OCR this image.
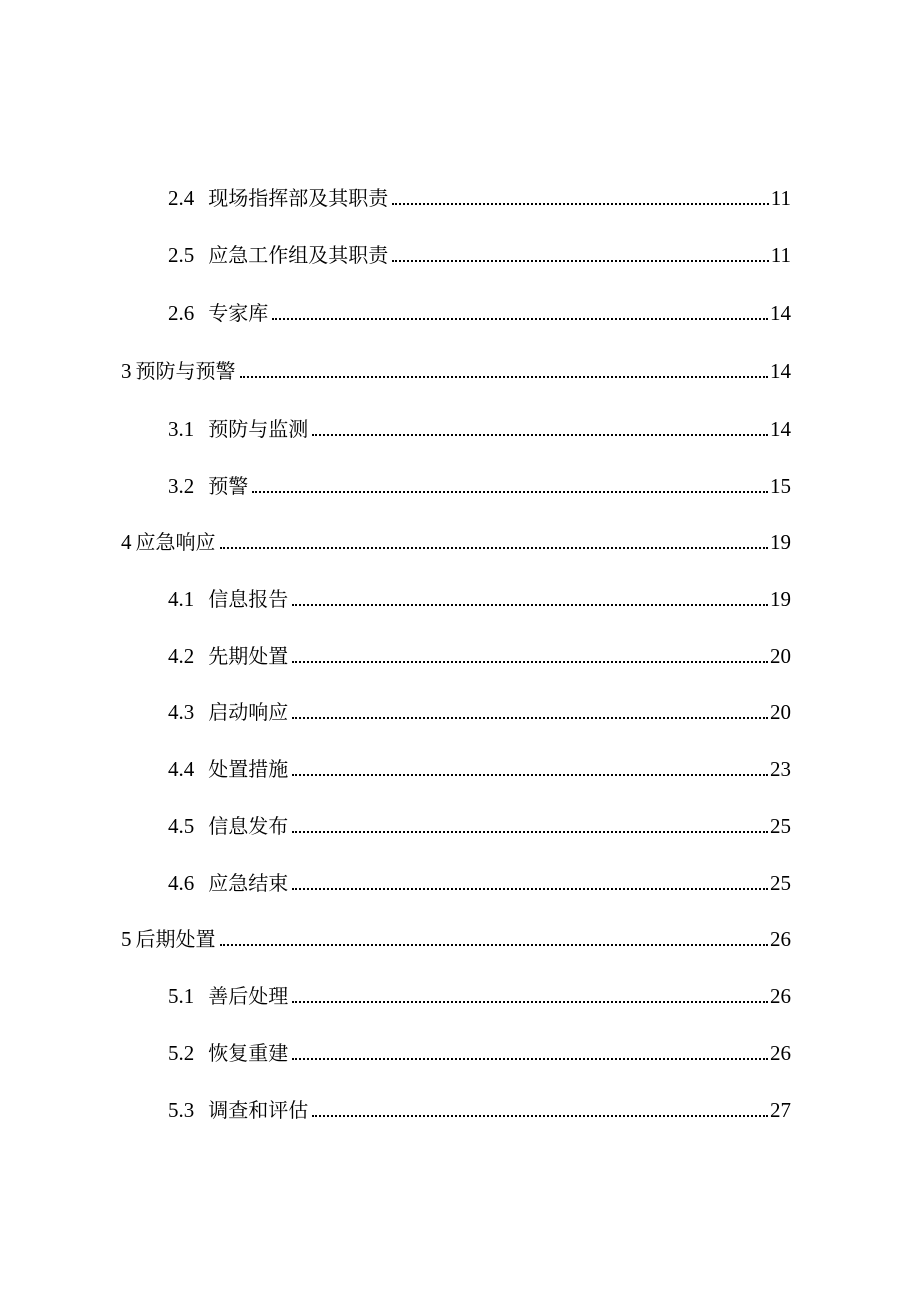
2.4 现场指挥部及其职责	11
2.5 应急工作组及其职责	11
2.6 专家库	14
3 预防与预警	14
3.1 预防与监测	14
3.2 预警	15
4 应急响应	19
4.1 信息报告	19
4.2 先期处置	20
4.3 启动响应	20
4.4 处置措施	23
4.5 信息发布	25
4.6 应急结束	25
5 后期处置	26
5.1 善后处理	26
5.2 恢复重建	26
5.3 调查和评估	27
